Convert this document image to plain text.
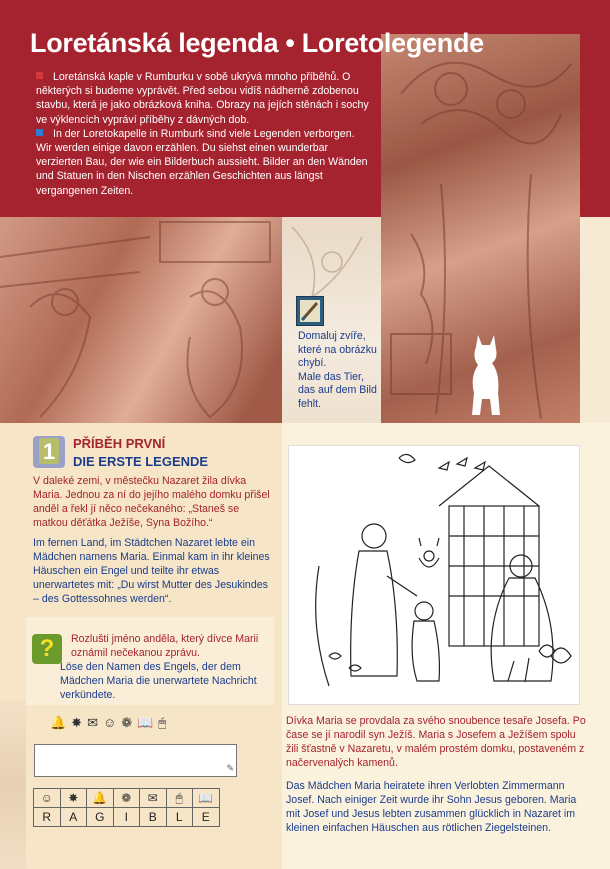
Loretánská legenda • Loretolegende

Loretánská kaple v Rumburku v sobě ukrývá mnoho příběhů. O některých si budeme vyprávět. Před sebou vidíš nádherně zdobenou stavbu, která je jako obrázková kniha. Obrazy na jejích stěnách i sochy ve výklencích vypráví příběhy z dávných dob.

In der Loretokapelle in Rumburk sind viele Legenden verborgen. Wir werden einige davon erzählen. Du siehst einen wunderbar verzierten Bau, der wie ein Bilderbuch aussieht. Bilder an den Wänden und Statuen in den Nischen erzählen Geschichten aus längst vergangenen Zeiten.

Domaluj zvíře, které na obrázku chybí.
Male das Tier, das auf dem Bild fehlt.
1 PŘÍBĚH PRVNÍ
DIE ERSTE LEGENDE
V daleké zemi, v městečku Nazaret žila dívka Maria. Jednou za ní do jejího malého domku přišel anděl a řekl jí něco nečekaného: „Staneš se matkou děťátka Ježíše, Syna Božího.“
Im fernen Land, im Städtchen Nazaret lebte ein Mädchen namens Maria. Einmal kam in ihr kleines Häuschen ein Engel und teilte ihr etwas unerwartetes mit: „Du wirst Mutter des Jesukindes – des Gottessohnes werden“.
?	Rozlušti jméno anděla, který dívce Marii oznámil nečekanou zprávu.
Löse den Namen des Engels, der dem Mädchen Maria die unerwartete Nachricht verkündete.
🔔✸✉☺❁📖🖱
✎
☺	✸	🔔	❁	✉	🖱	📖
R	A	G	I	B	L	E
Dívka Maria se provdala za svého snoubence tesaře Josefa. Po čase se jí narodil syn Ježíš. Maria s Josefem a Ježíšem spolu žili šťastně v Nazaretu, v malém prostém domku, postaveném z načervenalých kamenů.
Das Mädchen Maria heiratete ihren Verlobten Zimmermann Josef. Nach einiger Zeit wurde ihr Sohn Jesus geboren. Maria mit Josef und Jesus lebten zusammen glücklich in Nazaret im kleinen einfachen Häuschen aus rötlichen Ziegelsteinen.
